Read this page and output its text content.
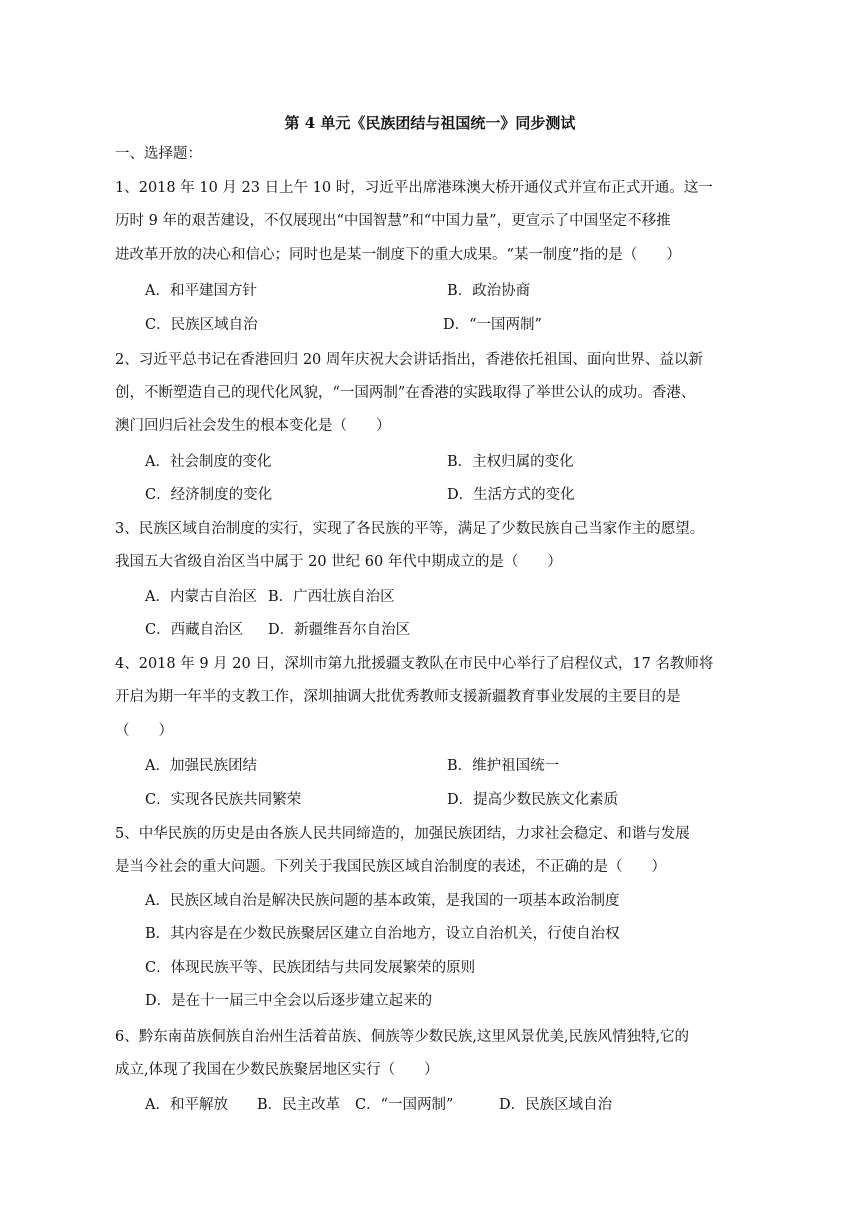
第 4 单元《民族团结与祖国统一》同步测试
一、选择题：
1、2018 年 10 月 23 日上午 10 时，习近平出席港珠澳大桥开通仪式并宣布正式开通。这一
历时 9 年的艰苦建设，不仅展现出“中国智慧”和“中国力量”，更宣示了中国坚定不移推
进改革开放的决心和信心；同时也是某一制度下的重大成果。“某一制度”指的是（　　）
A．和平建国方针	B．政治协商
C．民族区域自治	D．“一国两制”
2、习近平总书记在香港回归 20 周年庆祝大会讲话指出，香港依托祖国、面向世界、益以新
创，不断塑造自己的现代化风貌，“一国两制”在香港的实践取得了举世公认的成功。香港、
澳门回归后社会发生的根本变化是（　　）
A．社会制度的变化	B．主权归属的变化
C．经济制度的变化	D．生活方式的变化
3、民族区域自治制度的实行，实现了各民族的平等，满足了少数民族自己当家作主的愿望。
我国五大省级自治区当中属于 20 世纪 60 年代中期成立的是（　　）
A．内蒙古自治区 B．广西壮族自治区
C．西藏自治区 D．新疆维吾尔自治区
4、2018 年 9 月 20 日，深圳市第九批援疆支教队在市民中心举行了启程仪式，17 名教师将
开启为期一年半的支教工作，深圳抽调大批优秀教师支援新疆教育事业发展的主要目的是
（　　）
A．加强民族团结	B．维护祖国统一
C．实现各民族共同繁荣	D．提高少数民族文化素质
5、中华民族的历史是由各族人民共同缔造的，加强民族团结，力求社会稳定、和谐与发展
是当今社会的重大问题。下列关于我国民族区域自治制度的表述，不正确的是（　　）
A．民族区域自治是解决民族问题的基本政策，是我国的一项基本政治制度
B．其内容是在少数民族聚居区建立自治地方，设立自治机关，行使自治权
C．体现民族平等、民族团结与共同发展繁荣的原则
D．是在十一届三中全会以后逐步建立起来的
6、黔东南苗族侗族自治州生活着苗族、侗族等少数民族,这里风景优美,民族风情独特,它的
成立,体现了我国在少数民族聚居地区实行（　　）
A．和平解放 B．民主改革 C．“一国两制”	D．民族区域自治
